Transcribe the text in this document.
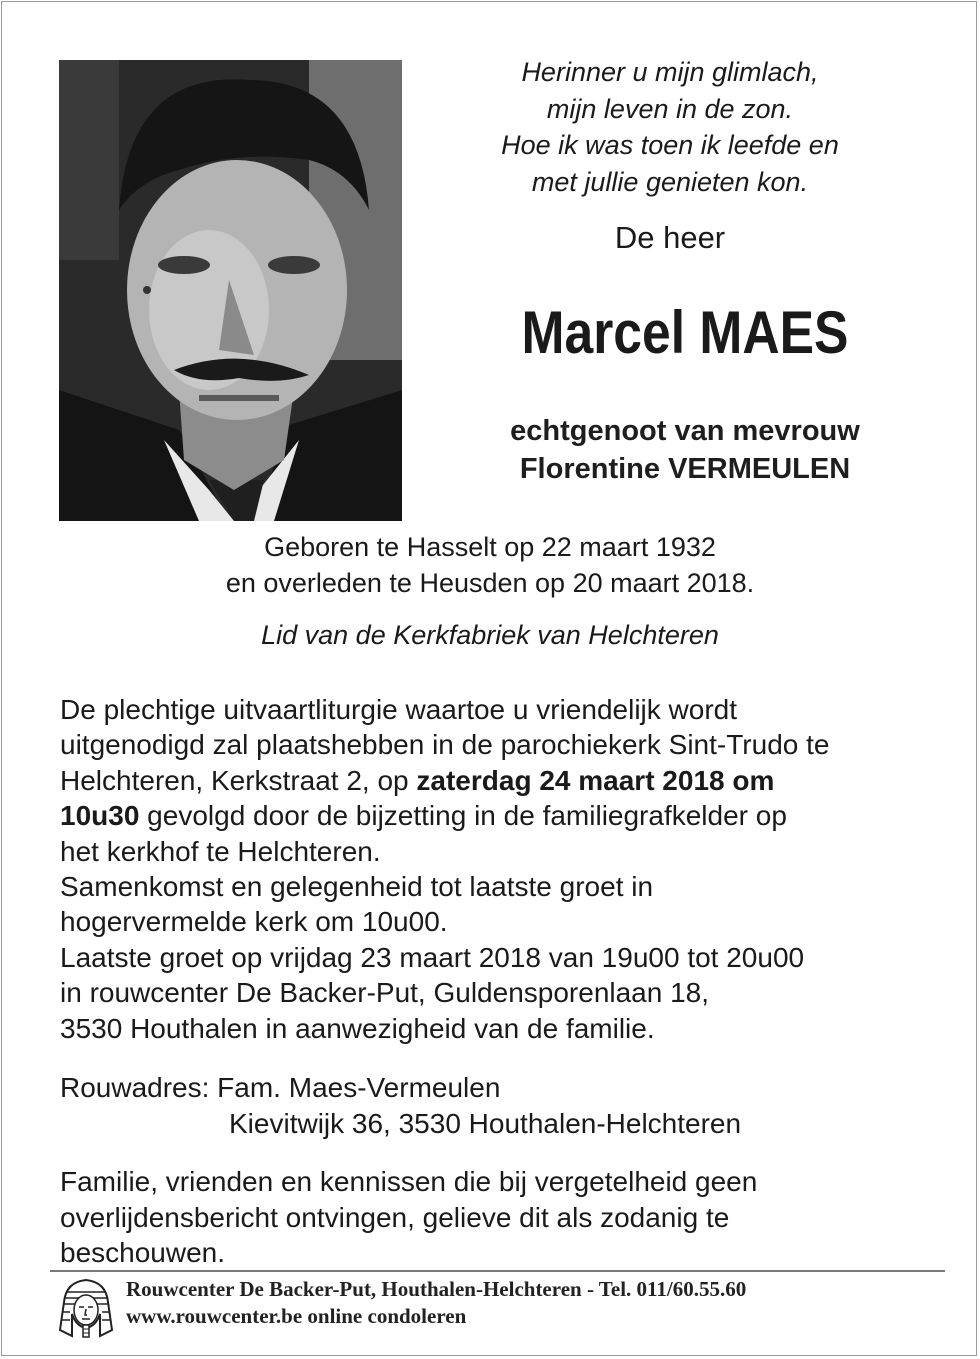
Herinner u mijn glimlach,
mijn leven in de zon.
Hoe ik was toen ik leefde en
met jullie genieten kon.
De heer
Marcel MAES
echtgenoot van mevrouw
Florentine VERMEULEN
Geboren te Hasselt op 22 maart 1932
en overleden te Heusden op 20 maart 2018.
Lid van de Kerkfabriek van Helchteren
De plechtige uitvaartliturgie waartoe u vriendelijk wordt
uitgenodigd zal plaatshebben in de parochiekerk Sint-Trudo te
Helchteren, Kerkstraat 2, op zaterdag 24 maart 2018 om
10u30 gevolgd door de bijzetting in de familiegrafkelder op
het kerkhof te Helchteren.
Samenkomst en gelegenheid tot laatste groet in
hogervermelde kerk om 10u00.
Laatste groet op vrijdag 23 maart 2018 van 19u00 tot 20u00
in rouwcenter De Backer-Put, Guldensporenlaan 18,
3530 Houthalen in aanwezigheid van de familie.
Rouwadres: Fam. Maes-Vermeulen
Kievitwijk 36, 3530 Houthalen-Helchteren
Familie, vrienden en kennissen die bij vergetelheid geen
overlijdensbericht ontvingen, gelieve dit als zodanig te
beschouwen.
Rouwcenter De Backer-Put, Houthalen-Helchteren - Tel. 011/60.55.60
www.rouwcenter.be online condoleren
